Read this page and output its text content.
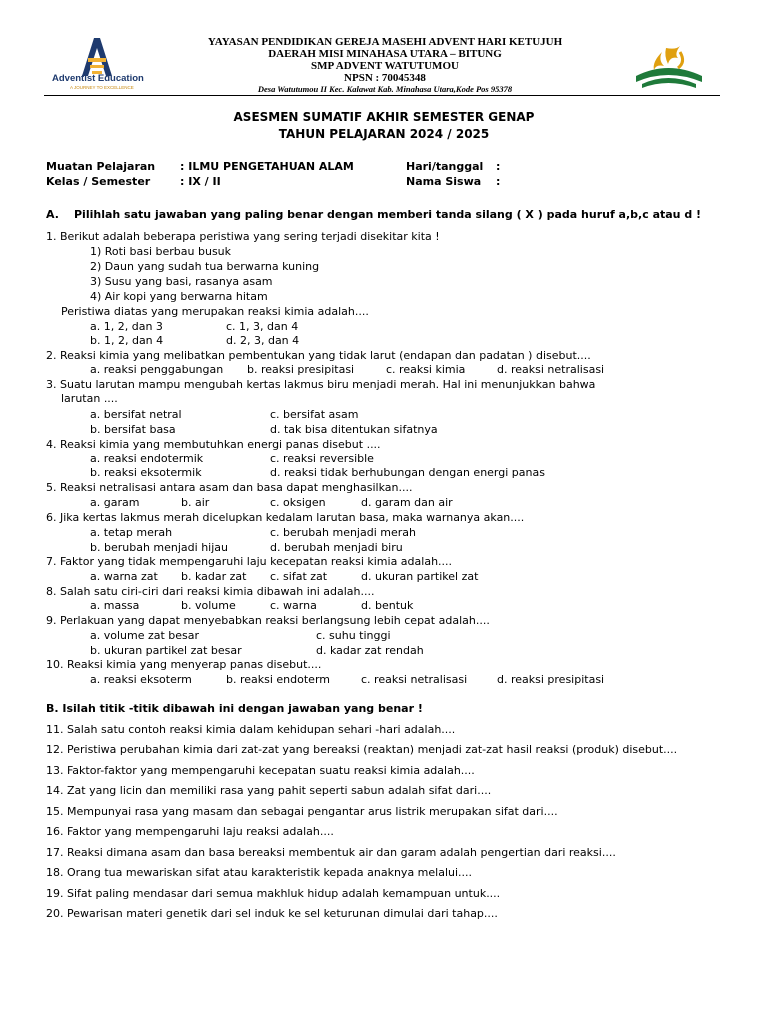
Adventist Education
A JOURNEY TO EXCELLENCE
YAYASAN PENDIDIKAN GEREJA MASEHI ADVENT HARI KETUJUH
DAERAH MISI MINAHASA UTARA – BITUNG
SMP ADVENT WATUTUMOU
NPSN : 70045348
Desa Watutumou II Kec. Kalawat Kab. Minahasa Utara,Kode Pos 95378
ASESMEN SUMATIF AKHIR SEMESTER GENAP
TAHUN PELAJARAN 2024 / 2025
Muatan Pelajaran : ILMU PENGETAHUAN ALAM	Hari/tanggal :
Kelas / Semester	: IX / II	Nama Siswa :
A. Pilihlah satu jawaban yang paling benar dengan memberi tanda silang ( X ) pada huruf a,b,c atau d !
1. Berikut adalah beberapa peristiwa yang sering terjadi disekitar kita !
1) Roti basi berbau busuk
2) Daun yang sudah tua berwarna kuning
3) Susu yang basi, rasanya asam
4) Air kopi yang berwarna hitam
Peristiwa diatas yang merupakan reaksi kimia adalah....
a. 1, 2, dan 3	c. 1, 3, dan 4
b. 1, 2, dan 4	d. 2, 3, dan 4
2. Reaksi kimia yang melibatkan pembentukan yang tidak larut (endapan dan padatan ) disebut....
a. reaksi penggabungan b. reaksi presipitasi	c. reaksi kimia	d. reaksi netralisasi
3. Suatu larutan mampu mengubah kertas lakmus biru menjadi merah. Hal ini menunjukkan bahwa
larutan ....
a. bersifat netral	c. bersifat asam
b. bersifat basa	d. tak bisa ditentukan sifatnya
4. Reaksi kimia yang membutuhkan energi panas disebut ....
a. reaksi endotermik	c. reaksi reversible
b. reaksi eksotermik	d. reaksi tidak berhubungan dengan energi panas
5. Reaksi netralisasi antara asam dan basa dapat menghasilkan....
a. garam	b. air	c. oksigen	d. garam dan air
6. Jika kertas lakmus merah dicelupkan kedalam larutan basa, maka warnanya akan....
a. tetap merah	c. berubah menjadi merah
b. berubah menjadi hijau	d. berubah menjadi biru
7. Faktor yang tidak mempengaruhi laju kecepatan reaksi kimia adalah....
a. warna zat b. kadar zat c. sifat zat	d. ukuran partikel zat
8. Salah satu ciri-ciri dari reaksi kimia dibawah ini adalah....
a. massa	b. volume	c. warna	d. bentuk
9. Perlakuan yang dapat menyebabkan reaksi berlangsung lebih cepat adalah....
a. volume zat besar	c. suhu tinggi
b. ukuran partikel zat besar	d. kadar zat rendah
10. Reaksi kimia yang menyerap panas disebut....
a. reaksi eksoterm	b. reaksi endoterm	c. reaksi netralisasi	d. reaksi presipitasi
B. Isilah titik -titik dibawah ini dengan jawaban yang benar !
11. Salah satu contoh reaksi kimia dalam kehidupan sehari -hari adalah....
12. Peristiwa perubahan kimia dari zat-zat yang bereaksi (reaktan) menjadi zat-zat hasil reaksi (produk) disebut....
13. Faktor-faktor yang mempengaruhi kecepatan suatu reaksi kimia adalah....
14. Zat yang licin dan memiliki rasa yang pahit seperti sabun adalah sifat dari....
15. Mempunyai rasa yang masam dan sebagai pengantar arus listrik merupakan sifat dari....
16. Faktor yang mempengaruhi laju reaksi adalah....
17. Reaksi dimana asam dan basa bereaksi membentuk air dan garam adalah pengertian dari reaksi....
18. Orang tua mewariskan sifat atau karakteristik kepada anaknya melalui....
19. Sifat paling mendasar dari semua makhluk hidup adalah kemampuan untuk....
20. Pewarisan materi genetik dari sel induk ke sel keturunan dimulai dari tahap....
